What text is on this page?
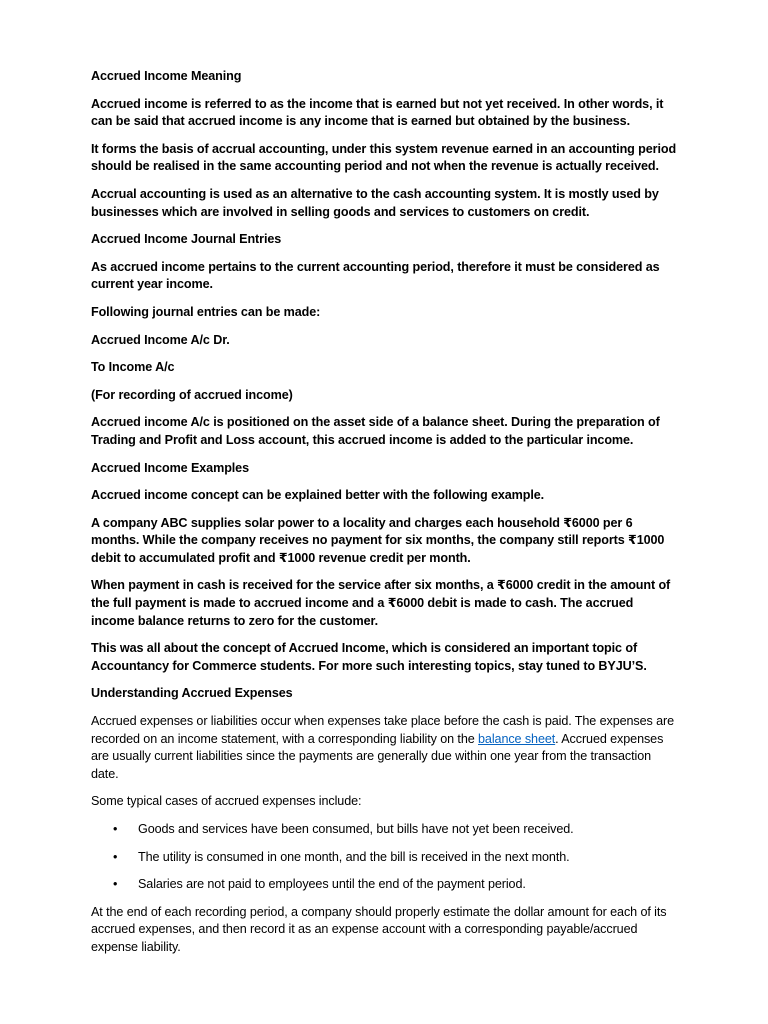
Accrued Income Meaning

Accrued income is referred to as the income that is earned but not yet received. In other words, it can be said that accrued income is any income that is earned but obtained by the business.

It forms the basis of accrual accounting, under this system revenue earned in an accounting period should be realised in the same accounting period and not when the revenue is actually received.

Accrual accounting is used as an alternative to the cash accounting system. It is mostly used by businesses which are involved in selling goods and services to customers on credit.

Accrued Income Journal Entries

As accrued income pertains to the current accounting period, therefore it must be considered as current year income.

Following journal entries can be made:

Accrued Income A/c Dr.

To Income A/c

(For recording of accrued income)

Accrued income A/c is positioned on the asset side of a balance sheet. During the preparation of Trading and Profit and Loss account, this accrued income is added to the particular income.

Accrued Income Examples

Accrued income concept can be explained better with the following example.

A company ABC supplies solar power to a locality and charges each household ₹6000 per 6 months. While the company receives no payment for six months, the company still reports ₹1000 debit to accumulated profit and ₹1000 revenue credit per month.

When payment in cash is received for the service after six months, a ₹6000 credit in the amount of the full payment is made to accrued income and a ₹6000 debit is made to cash. The accrued income balance returns to zero for the customer.

This was all about the concept of Accrued Income, which is considered an important topic of Accountancy for Commerce students. For more such interesting topics, stay tuned to BYJU’S.

Understanding Accrued Expenses

Accrued expenses or liabilities occur when expenses take place before the cash is paid. The expenses are recorded on an income statement, with a corresponding liability on the balance sheet. Accrued expenses are usually current liabilities since the payments are generally due within one year from the transaction date.

Some typical cases of accrued expenses include:

• Goods and services have been consumed, but bills have not yet been received.
• The utility is consumed in one month, and the bill is received in the next month.
• Salaries are not paid to employees until the end of the payment period.

At the end of each recording period, a company should properly estimate the dollar amount for each of its accrued expenses, and then record it as an expense account with a corresponding payable/accrued expense liability.
